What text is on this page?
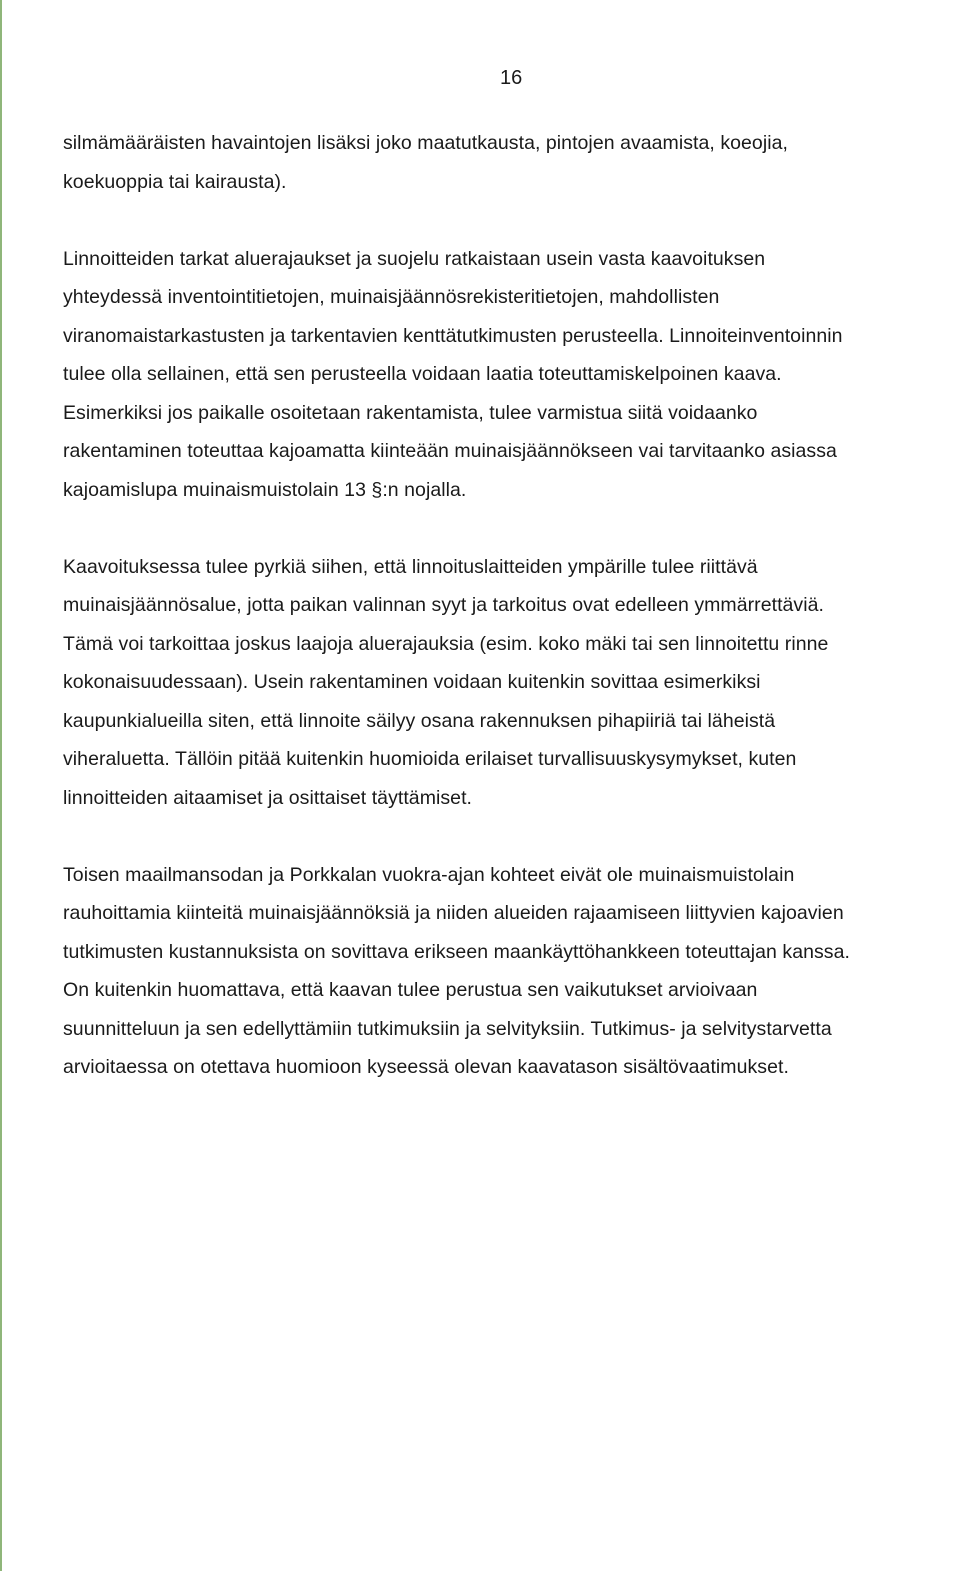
16
silmämääräisten havaintojen lisäksi joko maatutkausta, pintojen avaamista, koeojia,
koekuoppia tai kairausta).
Linnoitteiden tarkat aluerajaukset ja suojelu ratkaistaan usein vasta kaavoituksen
yhteydessä inventointitietojen, muinaisjäännösrekisteritietojen, mahdollisten
viranomaistarkastusten ja tarkentavien kenttätutkimusten perusteella. Linnoiteinventoinnin
tulee olla sellainen, että sen perusteella voidaan laatia toteuttamiskelpoinen kaava.
Esimerkiksi jos paikalle osoitetaan rakentamista, tulee varmistua siitä voidaanko
rakentaminen toteuttaa kajoamatta kiinteään muinaisjäännökseen vai tarvitaanko asiassa
kajoamislupa muinaismuistolain 13 §:n nojalla.
Kaavoituksessa tulee pyrkiä siihen, että linnoituslaitteiden ympärille tulee riittävä
muinaisjäännösalue, jotta paikan valinnan syyt ja tarkoitus ovat edelleen ymmärrettäviä.
Tämä voi tarkoittaa joskus laajoja aluerajauksia (esim. koko mäki tai sen linnoitettu rinne
kokonaisuudessaan). Usein rakentaminen voidaan kuitenkin sovittaa esimerkiksi
kaupunkialueilla siten, että linnoite säilyy osana rakennuksen pihapiiriä tai läheistä
viheraluetta. Tällöin pitää kuitenkin huomioida erilaiset turvallisuuskysymykset, kuten
linnoitteiden aitaamiset ja osittaiset täyttämiset.
Toisen maailmansodan ja Porkkalan vuokra-ajan kohteet eivät ole muinaismuistolain
rauhoittamia kiinteitä muinaisjäännöksiä ja niiden alueiden rajaamiseen liittyvien kajoavien
tutkimusten kustannuksista on sovittava erikseen maankäyttöhankkeen toteuttajan kanssa.
On kuitenkin huomattava, että kaavan tulee perustua sen vaikutukset arvioivaan
suunnitteluun ja sen edellyttämiin tutkimuksiin ja selvityksiin. Tutkimus- ja selvitystarvetta
arvioitaessa on otettava huomioon kyseessä olevan kaavatason sisältövaatimukset.
